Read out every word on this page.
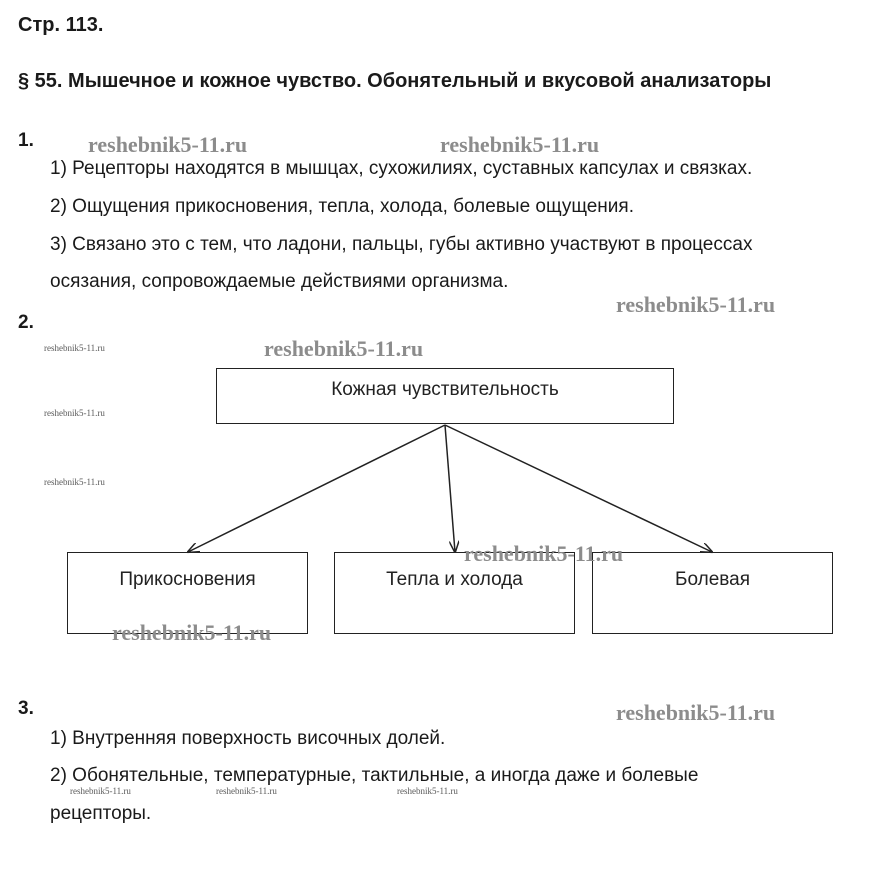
Стр. 113.
§ 55. Мышечное и кожное чувство. Обонятельный и вкусовой анализаторы
1.
1) Рецепторы находятся в мышцах, сухожилиях, суставных капсулах и связках.
2) Ощущения прикосновения, тепла, холода, болевые ощущения.
3) Связано это с тем, что ладони, пальцы, губы активно участвуют в процессах
осязания, сопровождаемые действиями организма.
2.
Кожная чувствительность
Прикосновения	Тепла и холода	Болевая
3.
1) Внутренняя поверхность височных долей.
2) Обонятельные, температурные, тактильные, а иногда даже и болевые
рецепторы.
reshebnik5-11.ru	reshebnik5-11.ru
reshebnik5-11.ru
reshebnik5-11.ru
reshebnik5-11.ru
reshebnik5-11.ru
reshebnik5-11.ru
reshebnik5-11.ru
reshebnik5-11.ru
reshebnik5-11.ru
reshebnik5-11.ru	reshebnik5-11.ru	reshebnik5-11.ru
